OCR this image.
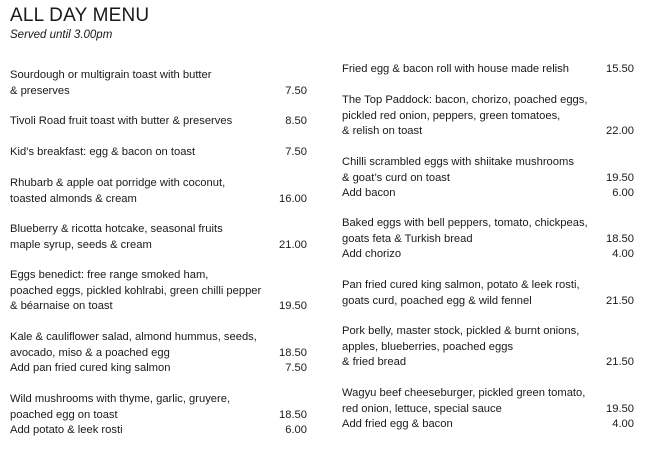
ALL DAY MENU
Served until 3.00pm
Sourdough or multigrain toast with butter
& preserves	7.50
Tivoli Road fruit toast with butter & preserves	8.50
Kid’s breakfast: egg & bacon on toast	7.50
Rhubarb & apple oat porridge with coconut,
toasted almonds & cream	16.00
Blueberry & ricotta hotcake, seasonal fruits
maple syrup, seeds & cream	21.00
Eggs benedict: free range smoked ham,
poached eggs, pickled kohlrabi, green chilli pepper
& béarnaise on toast	19.50
Kale & cauliflower salad, almond hummus, seeds,
avocado, miso & a poached egg	18.50
Add pan fried cured king salmon	7.50
Wild mushrooms with thyme, garlic, gruyere,
poached egg on toast	18.50
Add potato & leek rosti	6.00
Fried egg & bacon roll with house made relish	15.50
The Top Paddock: bacon, chorizo, poached eggs,
pickled red onion, peppers, green tomatoes,
& relish on toast	22.00
Chilli scrambled eggs with shiitake mushrooms
& goat’s curd on toast	19.50
Add bacon	6.00
Baked eggs with bell peppers, tomato, chickpeas,
goats feta & Turkish bread	18.50
Add chorizo	4.00
Pan fried cured king salmon, potato & leek rosti,
goats curd, poached egg & wild fennel	21.50
Pork belly, master stock, pickled & burnt onions,
apples, blueberries, poached eggs
& fried bread	21.50
Wagyu beef cheeseburger, pickled green tomato,
red onion, lettuce, special sauce	19.50
Add fried egg & bacon	4.00
